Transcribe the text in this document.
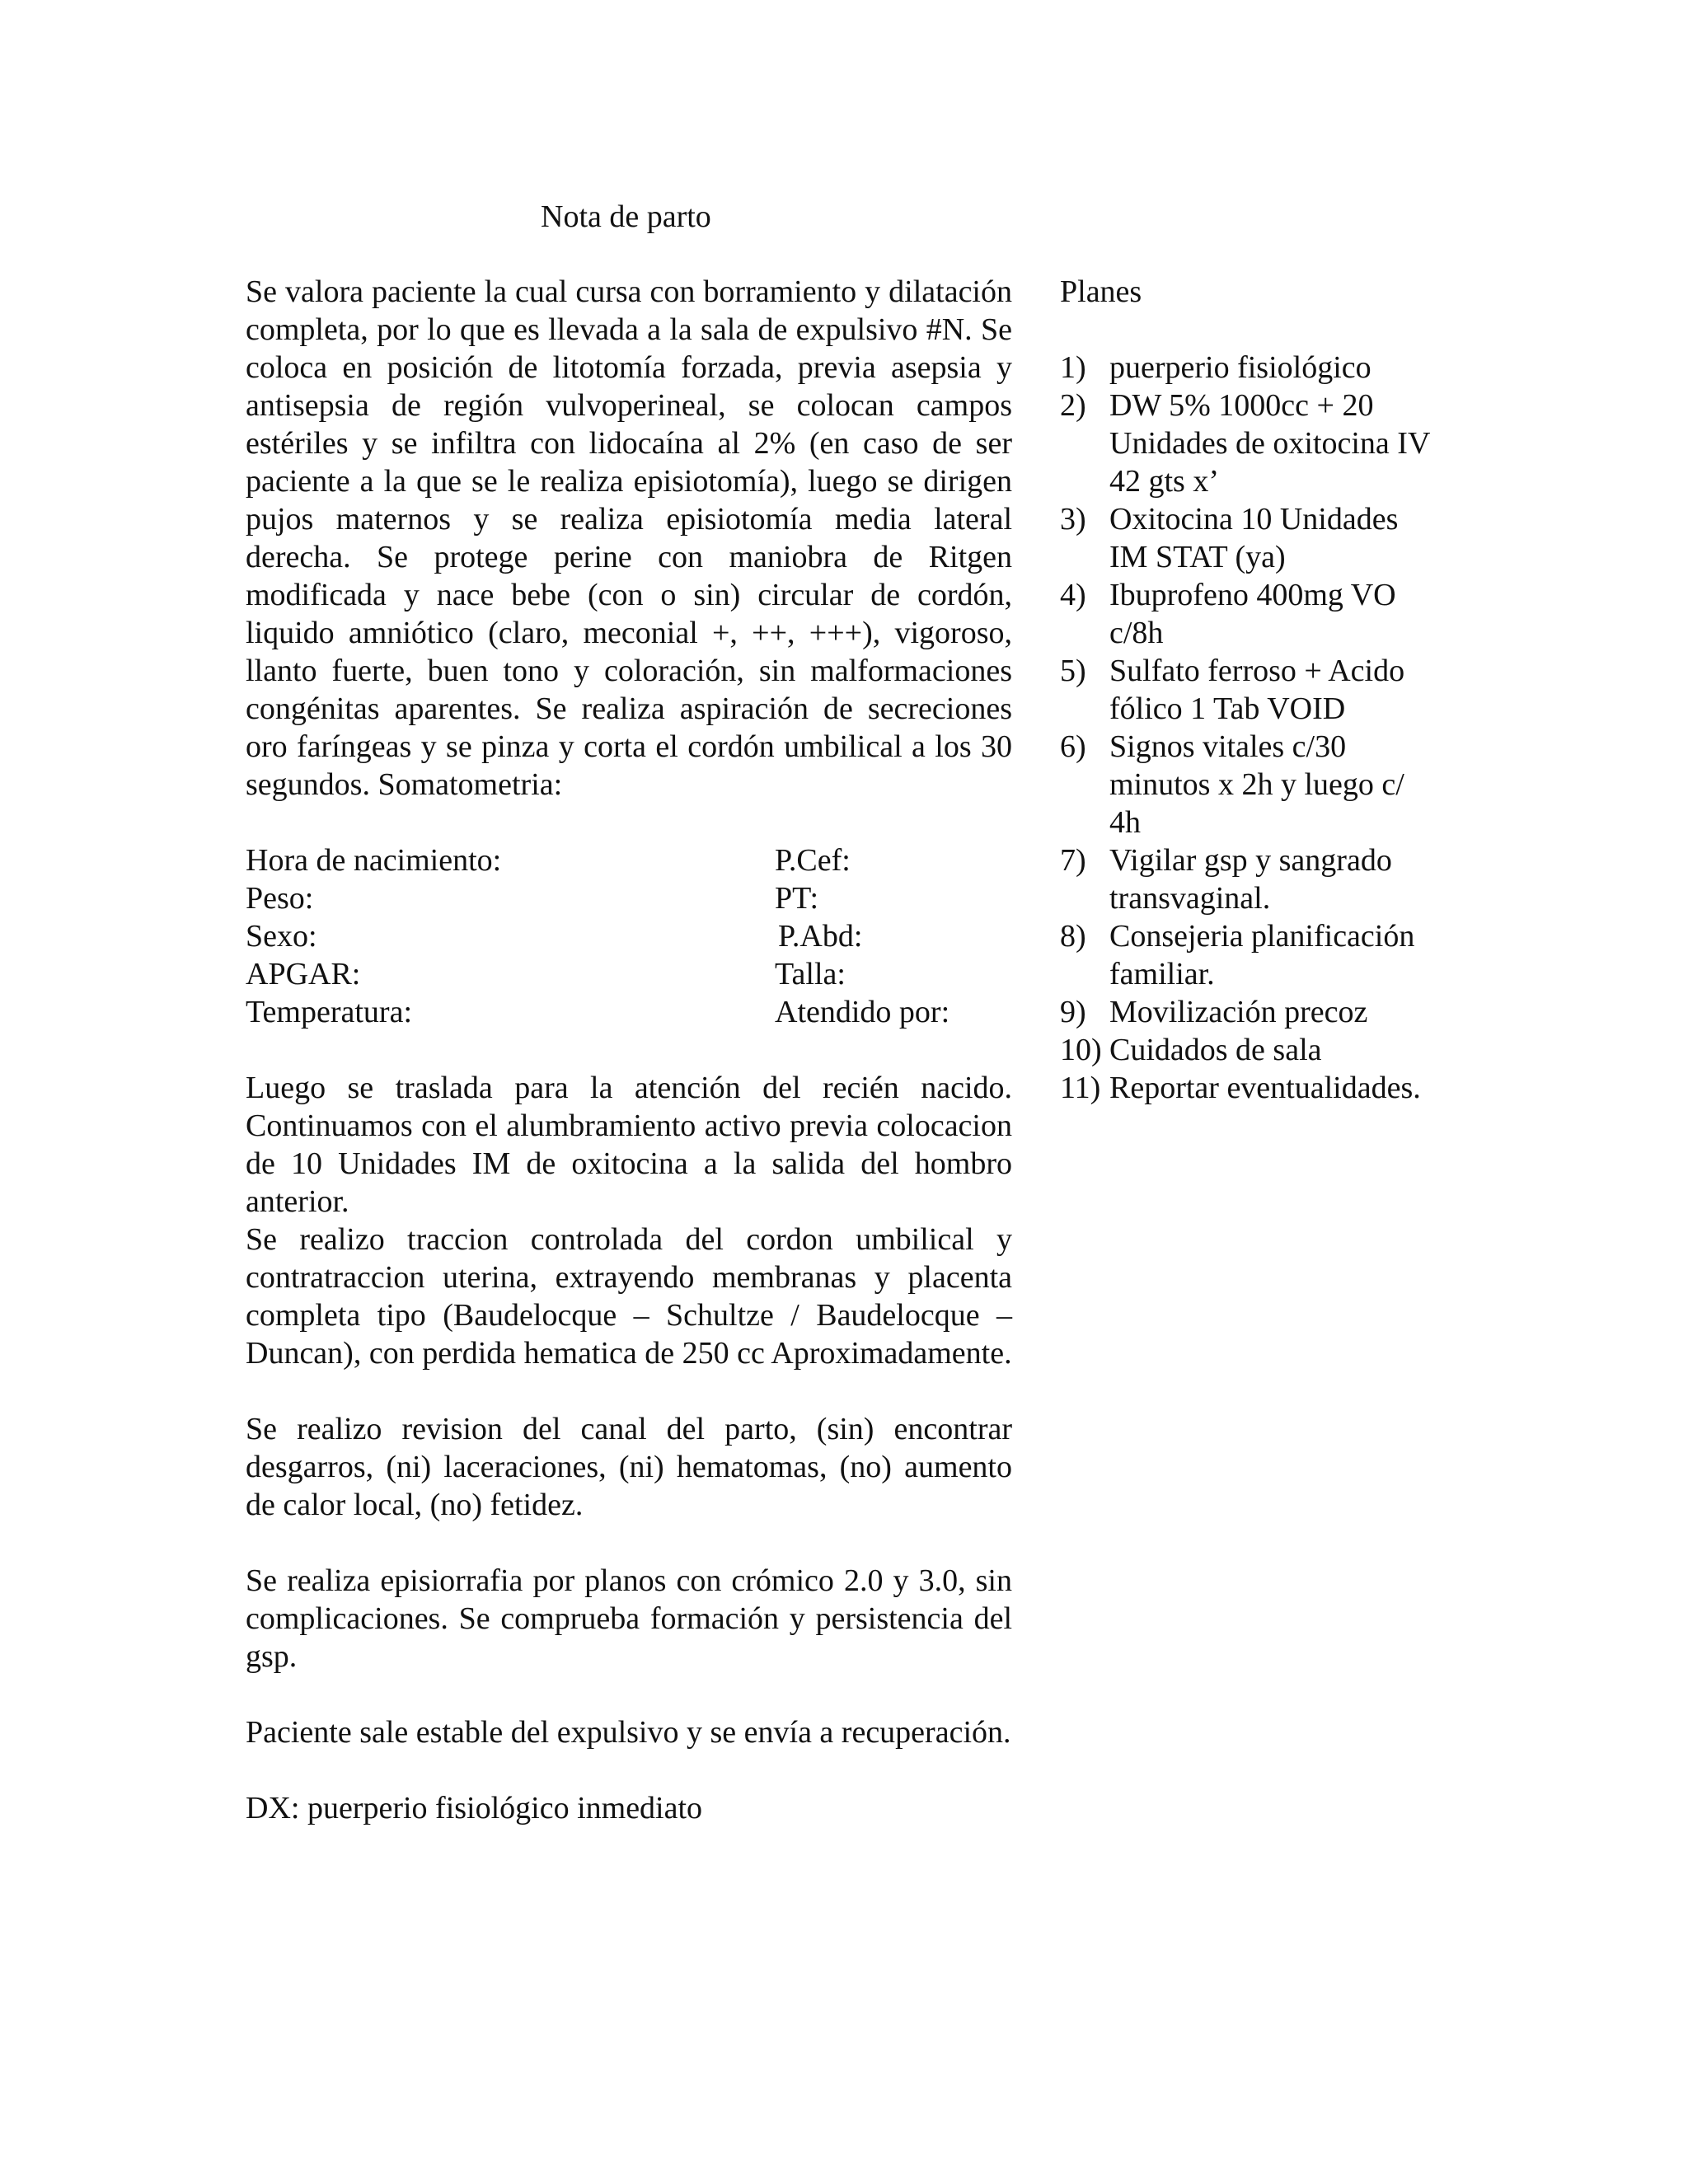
Nota de parto

Se valora paciente la cual cursa con borramiento y dilatación completa, por lo que es llevada a la sala de expulsivo #N. Se coloca en posición de litotomía forzada, previa asepsia y antisepsia de región vulvoperineal, se colocan campos estériles y se infiltra con lidocaína al 2% (en caso de ser paciente a la que se le realiza episiotomía), luego se dirigen pujos maternos y se realiza episiotomía media lateral derecha. Se protege perine con maniobra de Ritgen modificada y nace bebe (con o sin) circular de cordón, liquido amniótico (claro, meconial +, ++, +++), vigoroso, llanto fuerte, buen tono y coloración, sin malformaciones congénitas aparentes. Se realiza aspiración de secreciones oro faríngeas y se pinza y corta el cordón umbilical a los 30 segundos. Somatometria:

Hora de nacimiento:
Peso:
Sexo:
APGAR:
Temperatura:
P.Cef:
PT:
P.Abd:
Talla:
Atendido por:

Luego se traslada para la atención del recién nacido. Continuamos con el alumbramiento activo previa colocacion de 10 Unidades IM de oxitocina a la salida del hombro anterior.

Se realizo traccion controlada del cordon umbilical y contratraccion uterina, extrayendo membranas y placenta completa tipo (Baudelocque – Schultze / Baudelocque – Duncan), con perdida hematica de 250 cc Aproximadamente.

Se realizo revision del canal del parto, (sin) encontrar desgarros, (ni) laceraciones, (ni) hematomas, (no) aumento de calor local, (no) fetidez.

Se realiza episiorrafia por planos con crómico 2.0 y 3.0, sin complicaciones. Se comprueba formación y persistencia del gsp.

Paciente sale estable del expulsivo y se envía a recuperación.

DX: puerperio fisiológico inmediato

Planes
1) puerperio fisiológico
2) DW 5% 1000cc + 20 Unidades de oxitocina IV 42 gts x’
3) Oxitocina 10 Unidades IM STAT (ya)
4) Ibuprofeno 400mg VO c/8h
5) Sulfato ferroso + Acido fólico 1 Tab VOID
6) Signos vitales c/30 minutos x 2h y luego c/ 4h
7) Vigilar gsp y sangrado transvaginal.
8) Consejeria planificación familiar.
9) Movilización precoz
10) Cuidados de sala
11) Reportar eventualidades.
